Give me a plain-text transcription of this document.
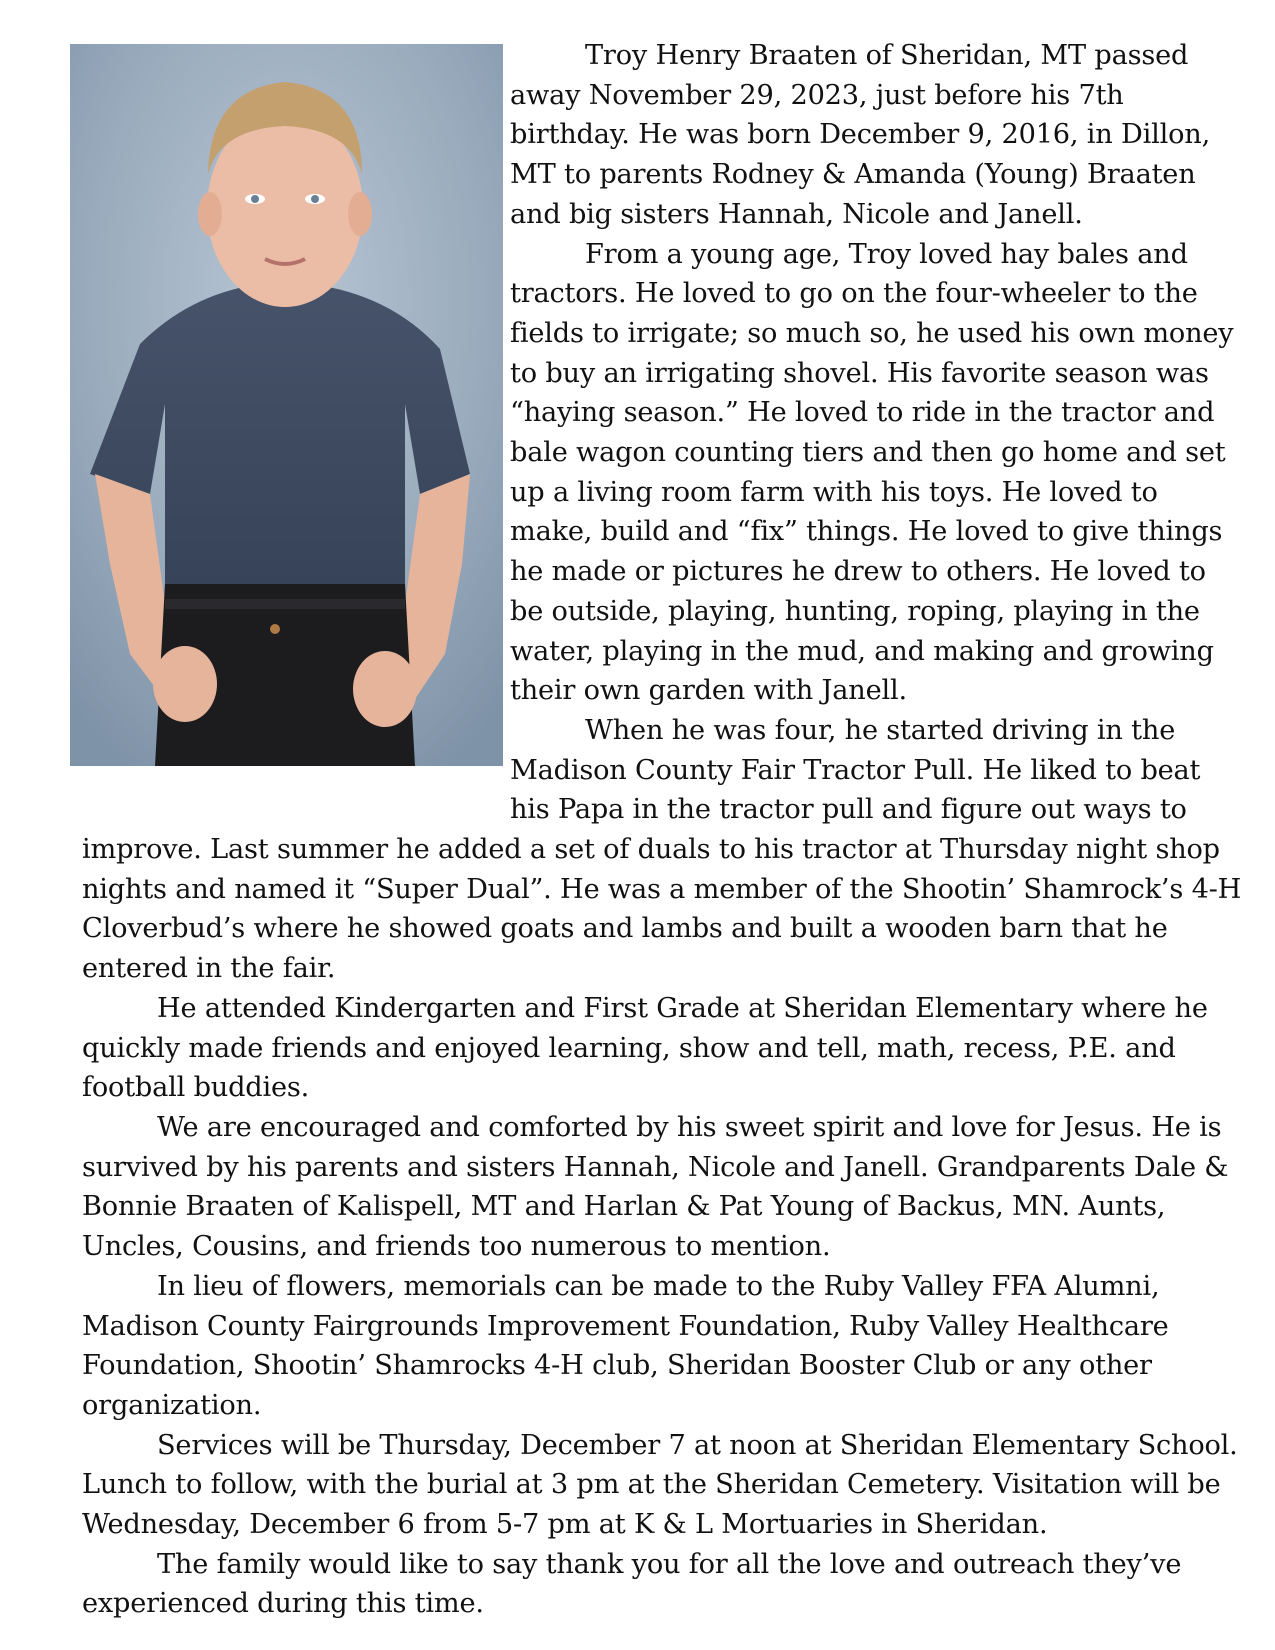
Troy Henry Braaten of Sheridan, MT passed away November 29, 2023, just before his 7th birthday. He was born December 9, 2016, in Dillon, MT to parents Rodney & Amanda (Young) Braaten and big sisters Hannah, Nicole and Janell.

From a young age, Troy loved hay bales and tractors. He loved to go on the four-wheeler to the fields to irrigate; so much so, he used his own money to buy an irrigating shovel. His favorite season was “haying season.” He loved to ride in the tractor and bale wagon counting tiers and then go home and set up a living room farm with his toys. He loved to make, build and “fix” things. He loved to give things he made or pictures he drew to others. He loved to be outside, playing, hunting, roping, playing in the water, playing in the mud, and making and growing their own garden with Janell.

When he was four, he started driving in the Madison County Fair Tractor Pull. He liked to beat his Papa in the tractor pull and figure out ways to improve. Last summer he added a set of duals to his tractor at Thursday night shop nights and named it “Super Dual”. He was a member of the Shootin’ Shamrock’s 4-H Cloverbud’s where he showed goats and lambs and built a wooden barn that he entered in the fair.

He attended Kindergarten and First Grade at Sheridan Elementary where he quickly made friends and enjoyed learning, show and tell, math, recess, P.E. and football buddies.

We are encouraged and comforted by his sweet spirit and love for Jesus. He is survived by his parents and sisters Hannah, Nicole and Janell. Grandparents Dale & Bonnie Braaten of Kalispell, MT and Harlan & Pat Young of Backus, MN. Aunts, Uncles, Cousins, and friends too numerous to mention.

In lieu of flowers, memorials can be made to the Ruby Valley FFA Alumni, Madison County Fairgrounds Improvement Foundation, Ruby Valley Healthcare Foundation, Shootin’ Shamrocks 4-H club, Sheridan Booster Club or any other organization.

Services will be Thursday, December 7 at noon at Sheridan Elementary School. Lunch to follow, with the burial at 3 pm at the Sheridan Cemetery. Visitation will be Wednesday, December 6 from 5-7 pm at K & L Mortuaries in Sheridan.

The family would like to say thank you for all the love and outreach they’ve experienced during this time.
